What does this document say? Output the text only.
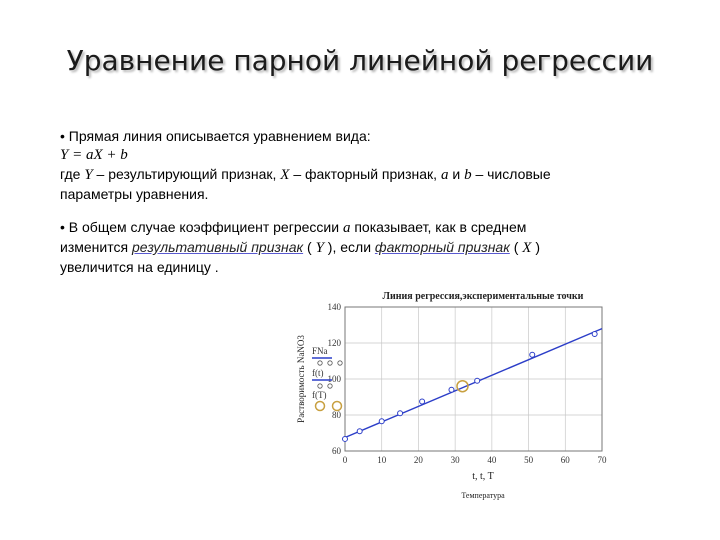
Уравнение парной линейной регрессии
• Прямая линия описывается уравнением вида:
Y = aX + b
где Y – результирующий признак, X – факторный признак, a и b – числовые
параметры уравнения.
• В общем случае коэффициент регрессии a показывает, как в среднем
изменится результативный признак ( Y ), если факторный признак ( X )
увеличится на единицу .
Линия регрессия,экспериментальные точки
Растворимость NaNO3
0	10	20	30	40	50	60	70
60
80
100
120
140
FNa
f(t)
f(T)
t, t, T
Температура
